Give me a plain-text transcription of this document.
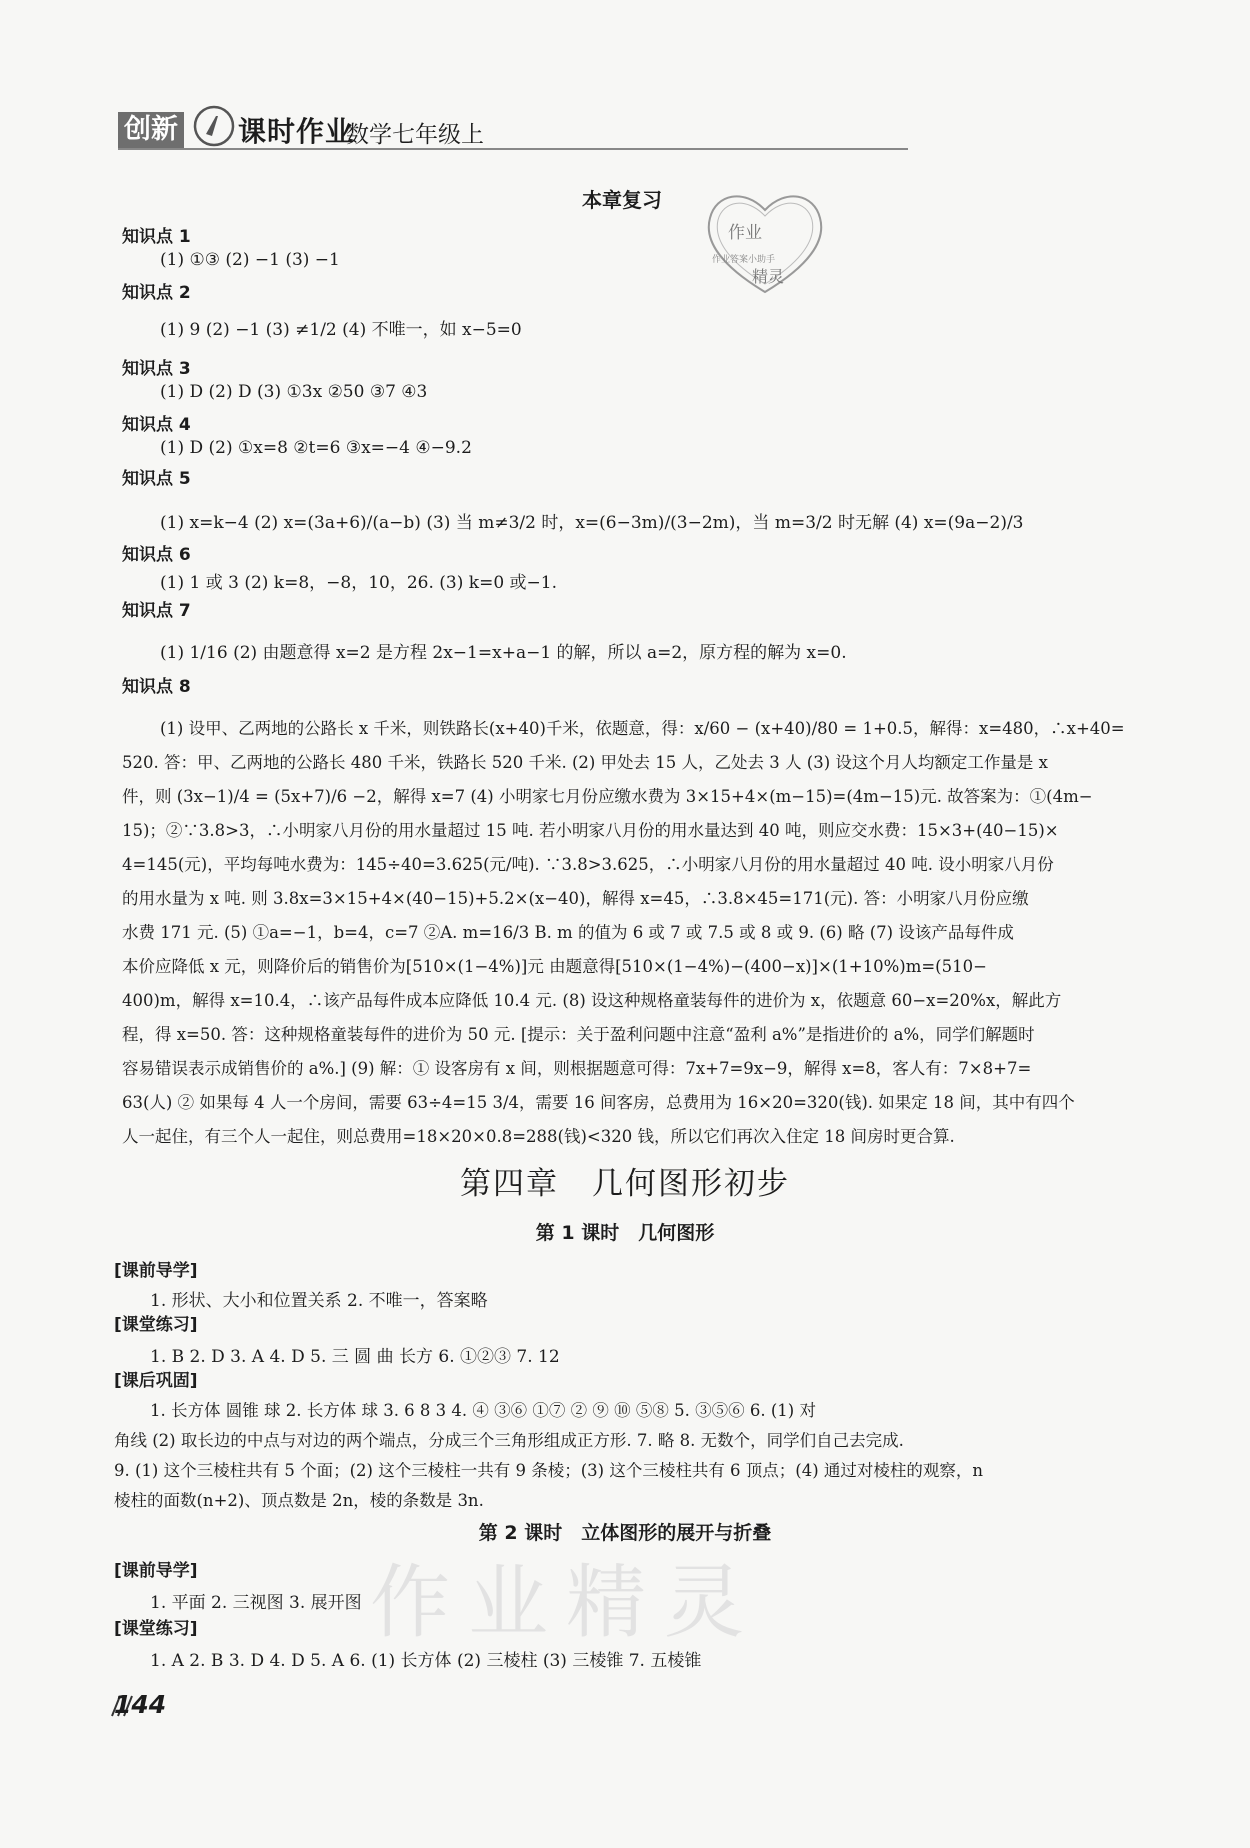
创新 课时作业
数学七年级上
作业
作业答案小助手
精灵
本章复习
知识点 1
(1) ①③ (2) −1 (3) −1
知识点 2
(1) 9 (2) −1 (3) ≠1/2 (4) 不唯一，如 x−5=0
知识点 3
(1) D (2) D (3) ①3x ②50 ③7 ④3
知识点 4
(1) D (2) ①x=8 ②t=6 ③x=−4 ④−9.2
知识点 5
(1) x=k−4 (2) x=(3a+6)/(a−b) (3) 当 m≠3/2 时，x=(6−3m)/(3−2m)，当 m=3/2 时无解 (4) x=(9a−2)/3
知识点 6
(1) 1 或 3 (2) k=8，−8，10，26. (3) k=0 或−1.
知识点 7
(1) 1/16 (2) 由题意得 x=2 是方程 2x−1=x+a−1 的解，所以 a=2，原方程的解为 x=0.
知识点 8
(1) 设甲、乙两地的公路长 x 千米，则铁路长(x+40)千米，依题意，得：x/60 − (x+40)/80 = 1+0.5，解得：x=480，∴x+40=
520. 答：甲、乙两地的公路长 480 千米，铁路长 520 千米. (2) 甲处去 15 人，乙处去 3 人 (3) 设这个月人均额定工作量是 x
件，则 (3x−1)/4 = (5x+7)/6 −2，解得 x=7 (4) 小明家七月份应缴水费为 3×15+4×(m−15)=(4m−15)元. 故答案为：①(4m−
15)；②∵3.8>3，∴小明家八月份的用水量超过 15 吨. 若小明家八月份的用水量达到 40 吨，则应交水费：15×3+(40−15)×
4=145(元)，平均每吨水费为：145÷40=3.625(元/吨). ∵3.8>3.625，∴小明家八月份的用水量超过 40 吨. 设小明家八月份
的用水量为 x 吨. 则 3.8x=3×15+4×(40−15)+5.2×(x−40)，解得 x=45，∴3.8×45=171(元). 答：小明家八月份应缴
水费 171 元. (5) ①a=−1，b=4，c=7 ②A. m=16/3 B. m 的值为 6 或 7 或 7.5 或 8 或 9. (6) 略 (7) 设该产品每件成
本价应降低 x 元，则降价后的销售价为[510×(1−4%)]元 由题意得[510×(1−4%)−(400−x)]×(1+10%)m=(510−
400)m，解得 x=10.4，∴该产品每件成本应降低 10.4 元. (8) 设这种规格童装每件的进价为 x，依题意 60−x=20%x，解此方
程，得 x=50. 答：这种规格童装每件的进价为 50 元. [提示：关于盈利问题中注意“盈利 a%”是指进价的 a%，同学们解题时
容易错误表示成销售价的 a%.] (9) 解：① 设客房有 x 间，则根据题意可得：7x+7=9x−9，解得 x=8，客人有：7×8+7=
63(人) ② 如果每 4 人一个房间，需要 63÷4=15 3/4，需要 16 间客房，总费用为 16×20=320(钱). 如果定 18 间，其中有四个
人一起住，有三个人一起住，则总费用=18×20×0.8=288(钱)<320 钱，所以它们再次入住定 18 间房时更合算.
第四章　几何图形初步
第 1 课时　几何图形
[课前导学]
1. 形状、大小和位置关系 2. 不唯一，答案略
[课堂练习]
1. B 2. D 3. A 4. D 5. 三 圆 曲 长方 6. ①②③ 7. 12
[课后巩固]
1. 长方体 圆锥 球 2. 长方体 球 3. 6 8 3 4. ④ ③⑥ ①⑦ ② ⑨ ⑩ ⑤⑧ 5. ③⑤⑥ 6. (1) 对
角线 (2) 取长边的中点与对边的两个端点，分成三个三角形组成正方形. 7. 略 8. 无数个，同学们自己去完成.
9. (1) 这个三棱柱共有 5 个面；(2) 这个三棱柱一共有 9 条棱；(3) 这个三棱柱共有 6 顶点；(4) 通过对棱柱的观察，n
棱柱的面数(n+2)、顶点数是 2n，棱的条数是 3n.
作业精灵
第 2 课时　立体图形的展开与折叠
[课前导学]
1. 平面 2. 三视图 3. 展开图
[课堂练习]
1. A 2. B 3. D 4. D 5. A 6. (1) 长方体 (2) 三棱柱 (3) 三棱锥 7. 五棱锥
144
